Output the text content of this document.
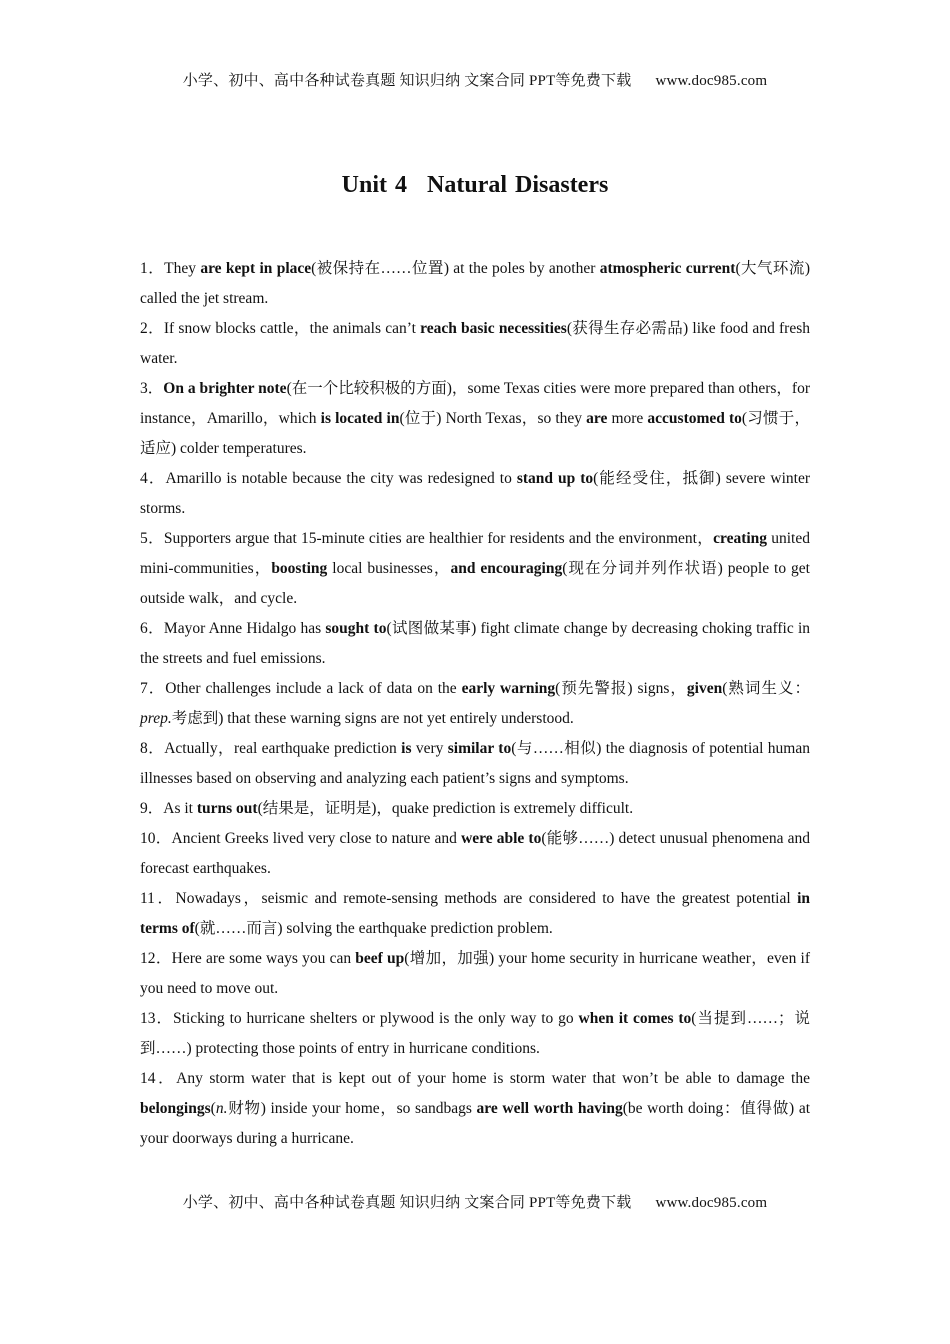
小学、初中、高中各种试卷真题 知识归纳 文案合同 PPT等免费下载 www.doc985.com
Unit 4 Natural Disasters

1．They are kept in place(被保持在……位置) at the poles by another atmospheric current(大气环流) called the jet stream.

2．If snow blocks cattle，the animals can’t reach basic necessities(获得生存必需品) like food and fresh water.

3．On a brighter note(在一个比较积极的方面)，some Texas cities were more prepared than others，for instance，Amarillo，which is located in(位于) North Texas，so they are more accustomed to(习惯于，适应) colder temperatures.

4．Amarillo is notable because the city was redesigned to stand up to(能经受住，抵御) severe winter storms.

5．Supporters argue that 15-minute cities are healthier for residents and the environment，creating united mini-communities，boosting local businesses，and encouraging(现在分词并列作状语) people to get outside walk，and cycle.

6．Mayor Anne Hidalgo has sought to(试图做某事) fight climate change by decreasing choking traffic in the streets and fuel emissions.

7．Other challenges include a lack of data on the early warning(预先警报) signs，given(熟词生义：prep.考虑到) that these warning signs are not yet entirely understood.

8．Actually，real earthquake prediction is very similar to(与……相似) the diagnosis of potential human illnesses based on observing and analyzing each patient’s signs and symptoms.

9．As it turns out(结果是，证明是)，quake prediction is extremely difficult.

10．Ancient Greeks lived very close to nature and were able to(能够……) detect unusual phenomena and forecast earthquakes.

11．Nowadays，seismic and remote-sensing methods are considered to have the greatest potential in terms of(就……而言) solving the earthquake prediction problem.

12．Here are some ways you can beef up(增加，加强) your home security in hurricane weather，even if you need to move out.

13．Sticking to hurricane shelters or plywood is the only way to go when it comes to(当提到……；说到……) protecting those points of entry in hurricane conditions.

14．Any storm water that is kept out of your home is storm water that won’t be able to damage the belongings(n.财物) inside your home，so sandbags are well worth having(be worth doing：值得做) at your doorways during a hurricane.

小学、初中、高中各种试卷真题 知识归纳 文案合同 PPT等免费下载 www.doc985.com
